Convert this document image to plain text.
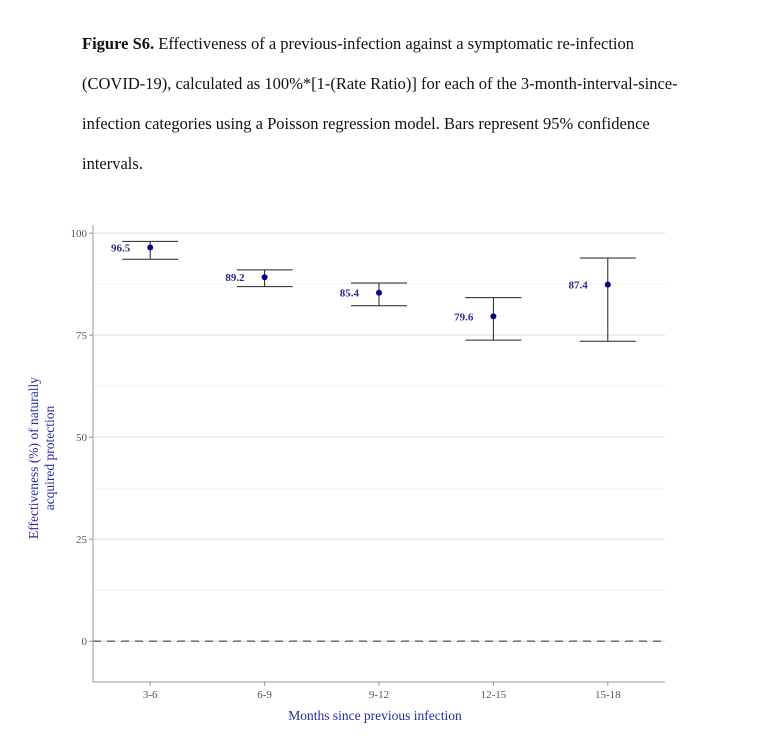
Figure S6. Effectiveness of a previous-infection against a symptomatic re-infection (COVID-19), calculated as 100%*[1-(Rate Ratio)] for each of the 3-month-interval-since-infection categories using a Poisson regression model. Bars represent 95% confidence intervals.
0
25
50
75
100
3-6	6-9	9-12	12-15	15-18
96.5
89.2
85.4
79.6
87.4
Months since previous infection
Effectiveness (%) of naturallyacquired protection
